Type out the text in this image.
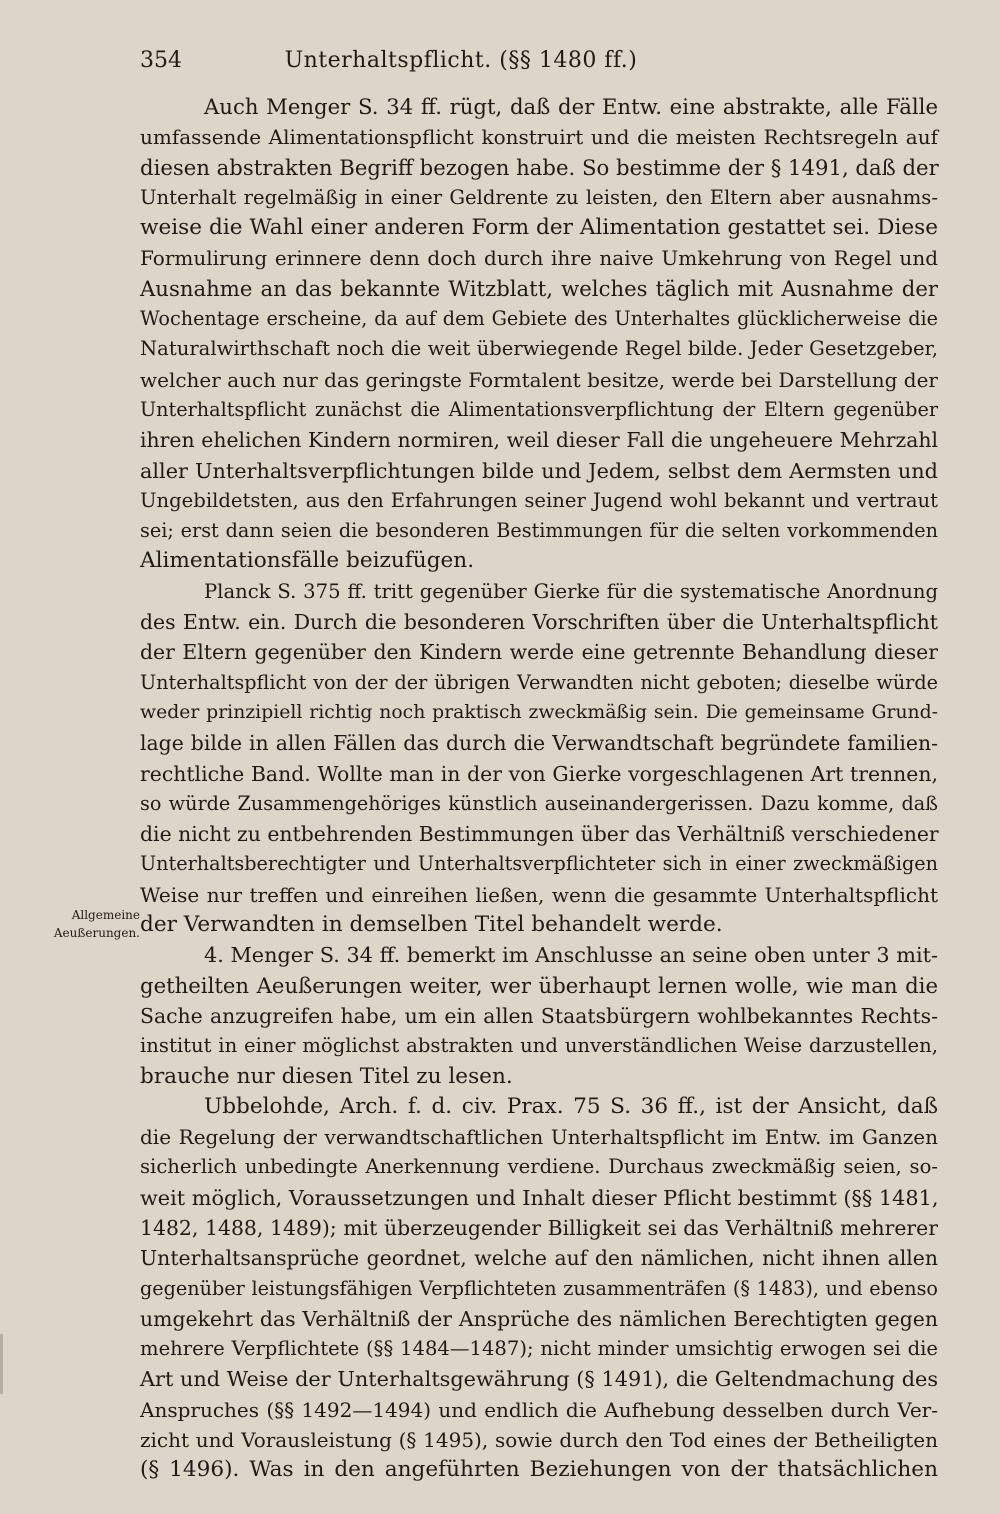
354	Unterhaltspflicht. (§§ 1480 ff.)
Allgemeine
Aeußerungen.
Auch Menger S. 34 ff. rügt, daß der Entw. eine abstrakte, alle Fälle
umfassende Alimentationspflicht konstruirt und die meisten Rechtsregeln auf
diesen abstrakten Begriff bezogen habe. So bestimme der § 1491, daß der
Unterhalt regelmäßig in einer Geldrente zu leisten, den Eltern aber ausnahms-
weise die Wahl einer anderen Form der Alimentation gestattet sei. Diese
Formulirung erinnere denn doch durch ihre naive Umkehrung von Regel und
Ausnahme an das bekannte Witzblatt, welches täglich mit Ausnahme der
Wochentage erscheine, da auf dem Gebiete des Unterhaltes glücklicherweise die
Naturalwirthschaft noch die weit überwiegende Regel bilde. Jeder Gesetzgeber,
welcher auch nur das geringste Formtalent besitze, werde bei Darstellung der
Unterhaltspflicht zunächst die Alimentationsverpflichtung der Eltern gegenüber
ihren ehelichen Kindern normiren, weil dieser Fall die ungeheuere Mehrzahl
aller Unterhaltsverpflichtungen bilde und Jedem, selbst dem Aermsten und
Ungebildetsten, aus den Erfahrungen seiner Jugend wohl bekannt und vertraut
sei; erst dann seien die besonderen Bestimmungen für die selten vorkommenden
Alimentationsfälle beizufügen.
Planck S. 375 ff. tritt gegenüber Gierke für die systematische Anordnung
des Entw. ein. Durch die besonderen Vorschriften über die Unterhaltspflicht
der Eltern gegenüber den Kindern werde eine getrennte Behandlung dieser
Unterhaltspflicht von der der übrigen Verwandten nicht geboten; dieselbe würde
weder prinzipiell richtig noch praktisch zweckmäßig sein. Die gemeinsame Grund-
lage bilde in allen Fällen das durch die Verwandtschaft begründete familien-
rechtliche Band. Wollte man in der von Gierke vorgeschlagenen Art trennen,
so würde Zusammengehöriges künstlich auseinandergerissen. Dazu komme, daß
die nicht zu entbehrenden Bestimmungen über das Verhältniß verschiedener
Unterhaltsberechtigter und Unterhaltsverpflichteter sich in einer zweckmäßigen
Weise nur treffen und einreihen ließen, wenn die gesammte Unterhaltspflicht
der Verwandten in demselben Titel behandelt werde.
4. Menger S. 34 ff. bemerkt im Anschlusse an seine oben unter 3 mit-
getheilten Aeußerungen weiter, wer überhaupt lernen wolle, wie man die
Sache anzugreifen habe, um ein allen Staatsbürgern wohlbekanntes Rechts-
institut in einer möglichst abstrakten und unverständlichen Weise darzustellen,
brauche nur diesen Titel zu lesen.
Ubbelohde, Arch. f. d. civ. Prax. 75 S. 36 ff., ist der Ansicht, daß
die Regelung der verwandtschaftlichen Unterhaltspflicht im Entw. im Ganzen
sicherlich unbedingte Anerkennung verdiene. Durchaus zweckmäßig seien, so-
weit möglich, Voraussetzungen und Inhalt dieser Pflicht bestimmt (§§ 1481,
1482, 1488, 1489); mit überzeugender Billigkeit sei das Verhältniß mehrerer
Unterhaltsansprüche geordnet, welche auf den nämlichen, nicht ihnen allen
gegenüber leistungsfähigen Verpflichteten zusammenträfen (§ 1483), und ebenso
umgekehrt das Verhältniß der Ansprüche des nämlichen Berechtigten gegen
mehrere Verpflichtete (§§ 1484—1487); nicht minder umsichtig erwogen sei die
Art und Weise der Unterhaltsgewährung (§ 1491), die Geltendmachung des
Anspruches (§§ 1492—1494) und endlich die Aufhebung desselben durch Ver-
zicht und Vorausleistung (§ 1495), sowie durch den Tod eines der Betheiligten
(§ 1496). Was in den angeführten Beziehungen von der thatsächlichen
